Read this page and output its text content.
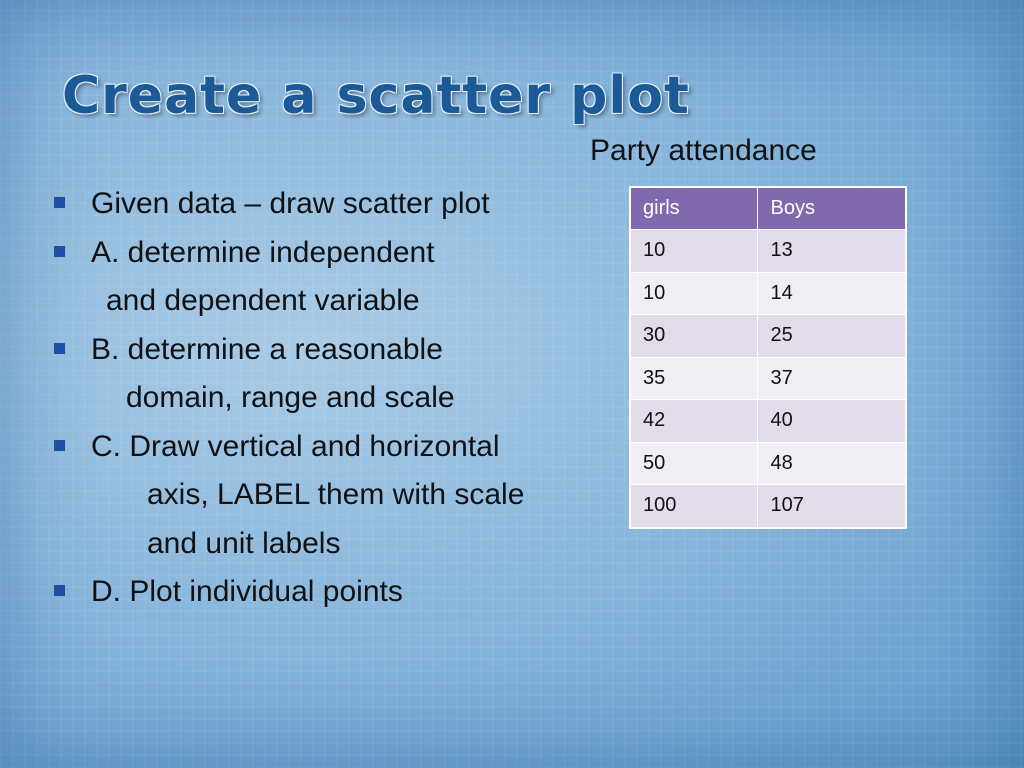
Create a scatter plot
Given data – draw scatter plot
A. determine independent
and dependent variable
B. determine a reasonable
domain, range and scale
C. Draw vertical and horizontal
axis, LABEL them with scale
and unit labels
D. Plot individual points
Party attendance
girls	Boys
10	13
10	14
30	25
35	37
42	40
50	48
100	107
